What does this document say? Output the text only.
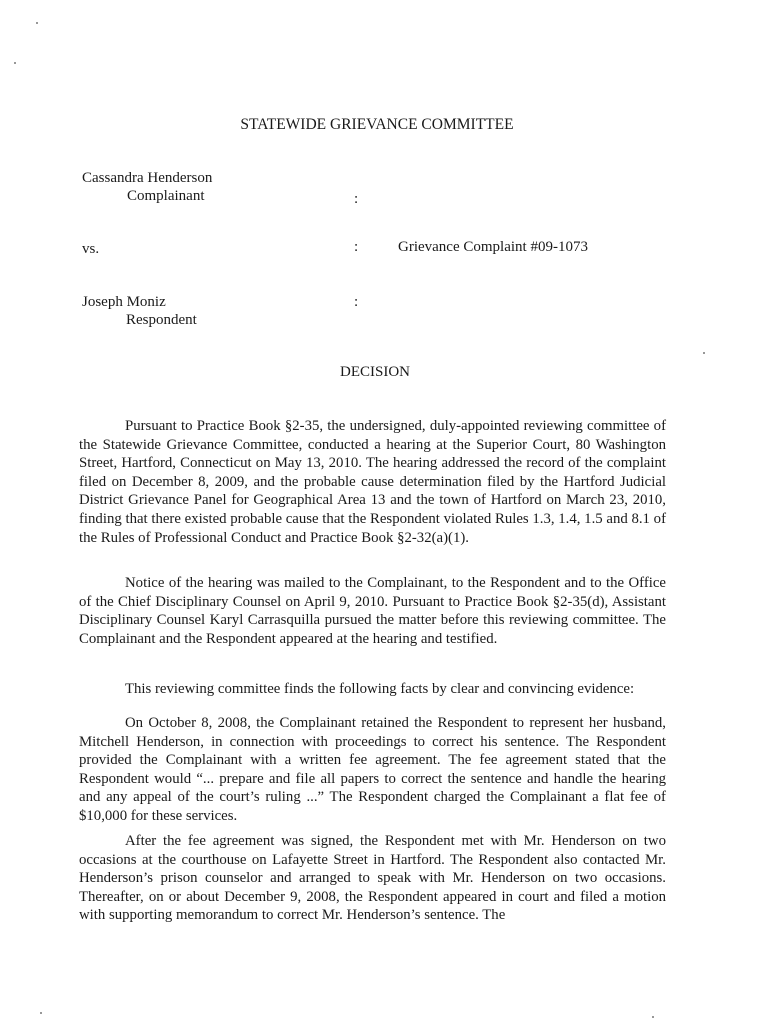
STATEWIDE GRIEVANCE COMMITTEE
Cassandra Henderson
Complainant	:
vs.	:	Grievance Complaint #09-1073
Joseph Moniz	:
Respondent
DECISION

Pursuant to Practice Book §2-35, the undersigned, duly-appointed reviewing committee of the Statewide Grievance Committee, conducted a hearing at the Superior Court, 80 Washington Street, Hartford, Connecticut on May 13, 2010. The hearing addressed the record of the complaint filed on December 8, 2009, and the probable cause determination filed by the Hartford Judicial District Grievance Panel for Geographical Area 13 and the town of Hartford on March 23, 2010, finding that there existed probable cause that the Respondent violated Rules 1.3, 1.4, 1.5 and 8.1 of the Rules of Professional Conduct and Practice Book §2-32(a)(1).

Notice of the hearing was mailed to the Complainant, to the Respondent and to the Office of the Chief Disciplinary Counsel on April 9, 2010. Pursuant to Practice Book §2-35(d), Assistant Disciplinary Counsel Karyl Carrasquilla pursued the matter before this reviewing committee. The Complainant and the Respondent appeared at the hearing and testified.

This reviewing committee finds the following facts by clear and convincing evidence:

On October 8, 2008, the Complainant retained the Respondent to represent her husband, Mitchell Henderson, in connection with proceedings to correct his sentence. The Respondent provided the Complainant with a written fee agreement. The fee agreement stated that the Respondent would “... prepare and file all papers to correct the sentence and handle the hearing and any appeal of the court’s ruling ...” The Respondent charged the Complainant a flat fee of $10,000 for these services.

After the fee agreement was signed, the Respondent met with Mr. Henderson on two occasions at the courthouse on Lafayette Street in Hartford. The Respondent also contacted Mr. Henderson’s prison counselor and arranged to speak with Mr. Henderson on two occasions. Thereafter, on or about December 9, 2008, the Respondent appeared in court and filed a motion with supporting memorandum to correct Mr. Henderson’s sentence. The
